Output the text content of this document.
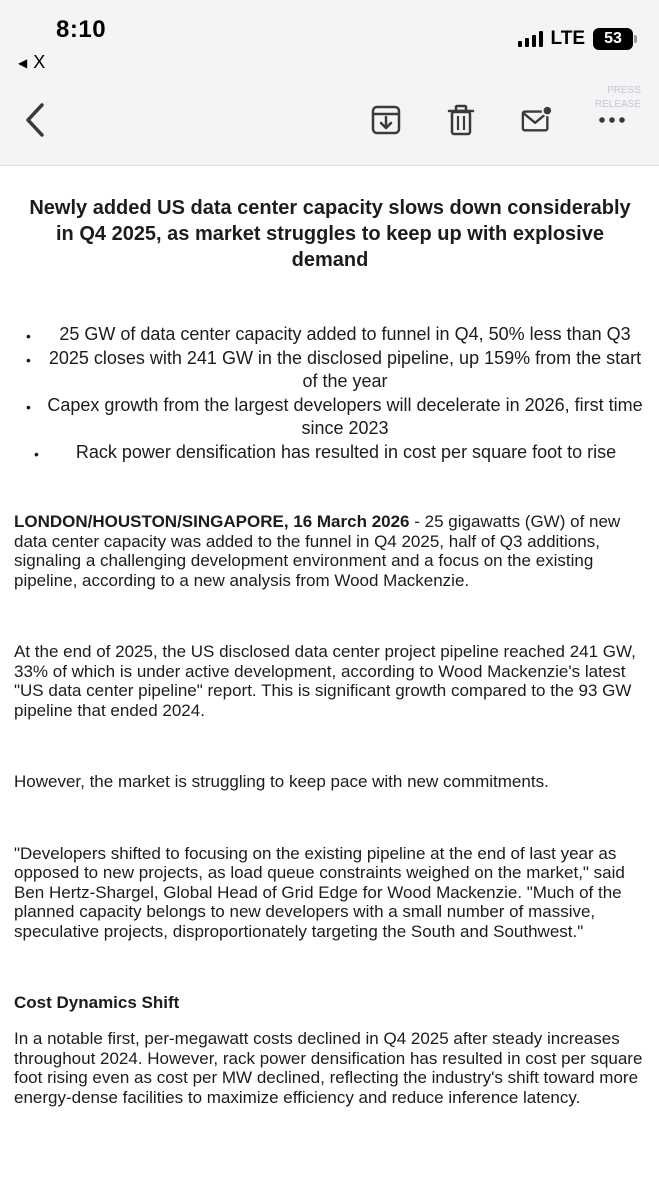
8:10
◀ X
LTE 53
PRESS
RELEASE
Newly added US data center capacity slows down considerably in Q4 2025, as market struggles to keep up with explosive demand
• 25 GW of data center capacity added to funnel in Q4, 50% less than Q3
• 2025 closes with 241 GW in the disclosed pipeline, up 159% from the start of the year
• Capex growth from the largest developers will decelerate in 2026, first time since 2023
• Rack power densification has resulted in cost per square foot to rise

LONDON/HOUSTON/SINGAPORE, 16 March 2026 - 25 gigawatts (GW) of new data center capacity was added to the funnel in Q4 2025, half of Q3 additions, signaling a challenging development environment and a focus on the existing pipeline, according to a new analysis from Wood Mackenzie.

At the end of 2025, the US disclosed data center project pipeline reached 241 GW, 33% of which is under active development, according to Wood Mackenzie's latest "US data center pipeline" report. This is significant growth compared to the 93 GW pipeline that ended 2024.

However, the market is struggling to keep pace with new commitments.

"Developers shifted to focusing on the existing pipeline at the end of last year as opposed to new projects, as load queue constraints weighed on the market," said Ben Hertz-Shargel, Global Head of Grid Edge for Wood Mackenzie. "Much of the planned capacity belongs to new developers with a small number of massive, speculative projects, disproportionately targeting the South and Southwest."

Cost Dynamics Shift

In a notable first, per-megawatt costs declined in Q4 2025 after steady increases throughout 2024. However, rack power densification has resulted in cost per square foot rising even as cost per MW declined, reflecting the industry's shift toward more energy-dense facilities to maximize efficiency and reduce inference latency.
